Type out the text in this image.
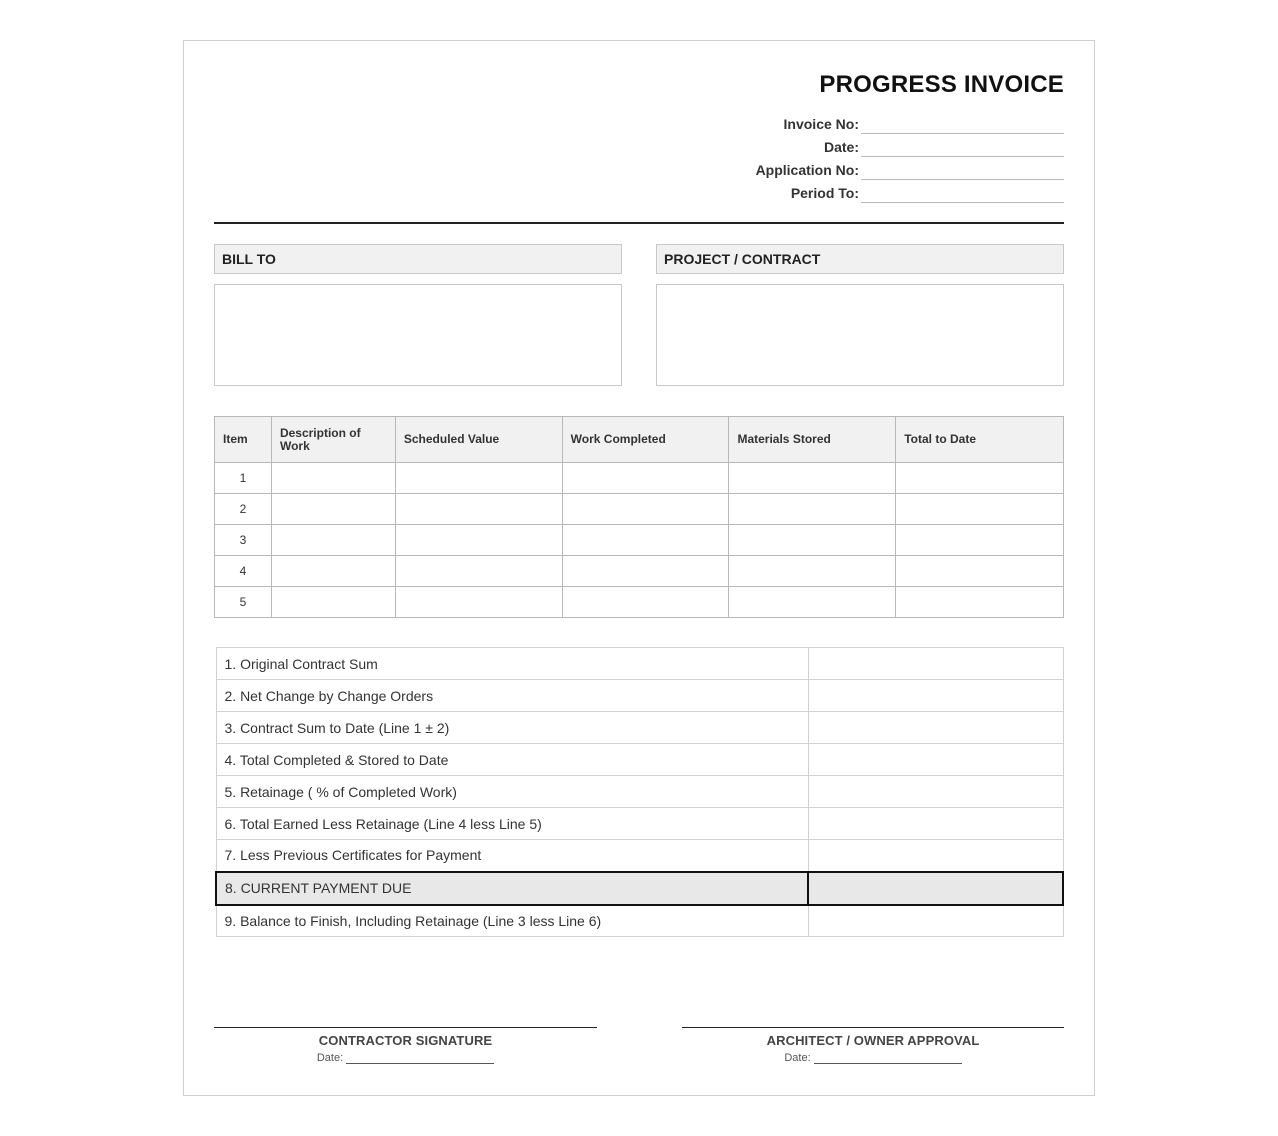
PROGRESS INVOICE
Invoice No:
Date:
Application No:
Period To:
BILL TO	PROJECT / CONTRACT
Item	Description of Work	Scheduled Value	Work Completed	Materials Stored	Total to Date
1					
2					
3					
4					
5					
1. Original Contract Sum	
2. Net Change by Change Orders	
3. Contract Sum to Date (Line 1 ± 2)	
4. Total Completed & Stored to Date	
5. Retainage ( % of Completed Work)	
6. Total Earned Less Retainage (Line 4 less Line 5)	
7. Less Previous Certificates for Payment	
8. CURRENT PAYMENT DUE	
9. Balance to Finish, Including Retainage (Line 3 less Line 6)	
CONTRACTOR SIGNATURE
Date:
ARCHITECT / OWNER APPROVAL
Date:
